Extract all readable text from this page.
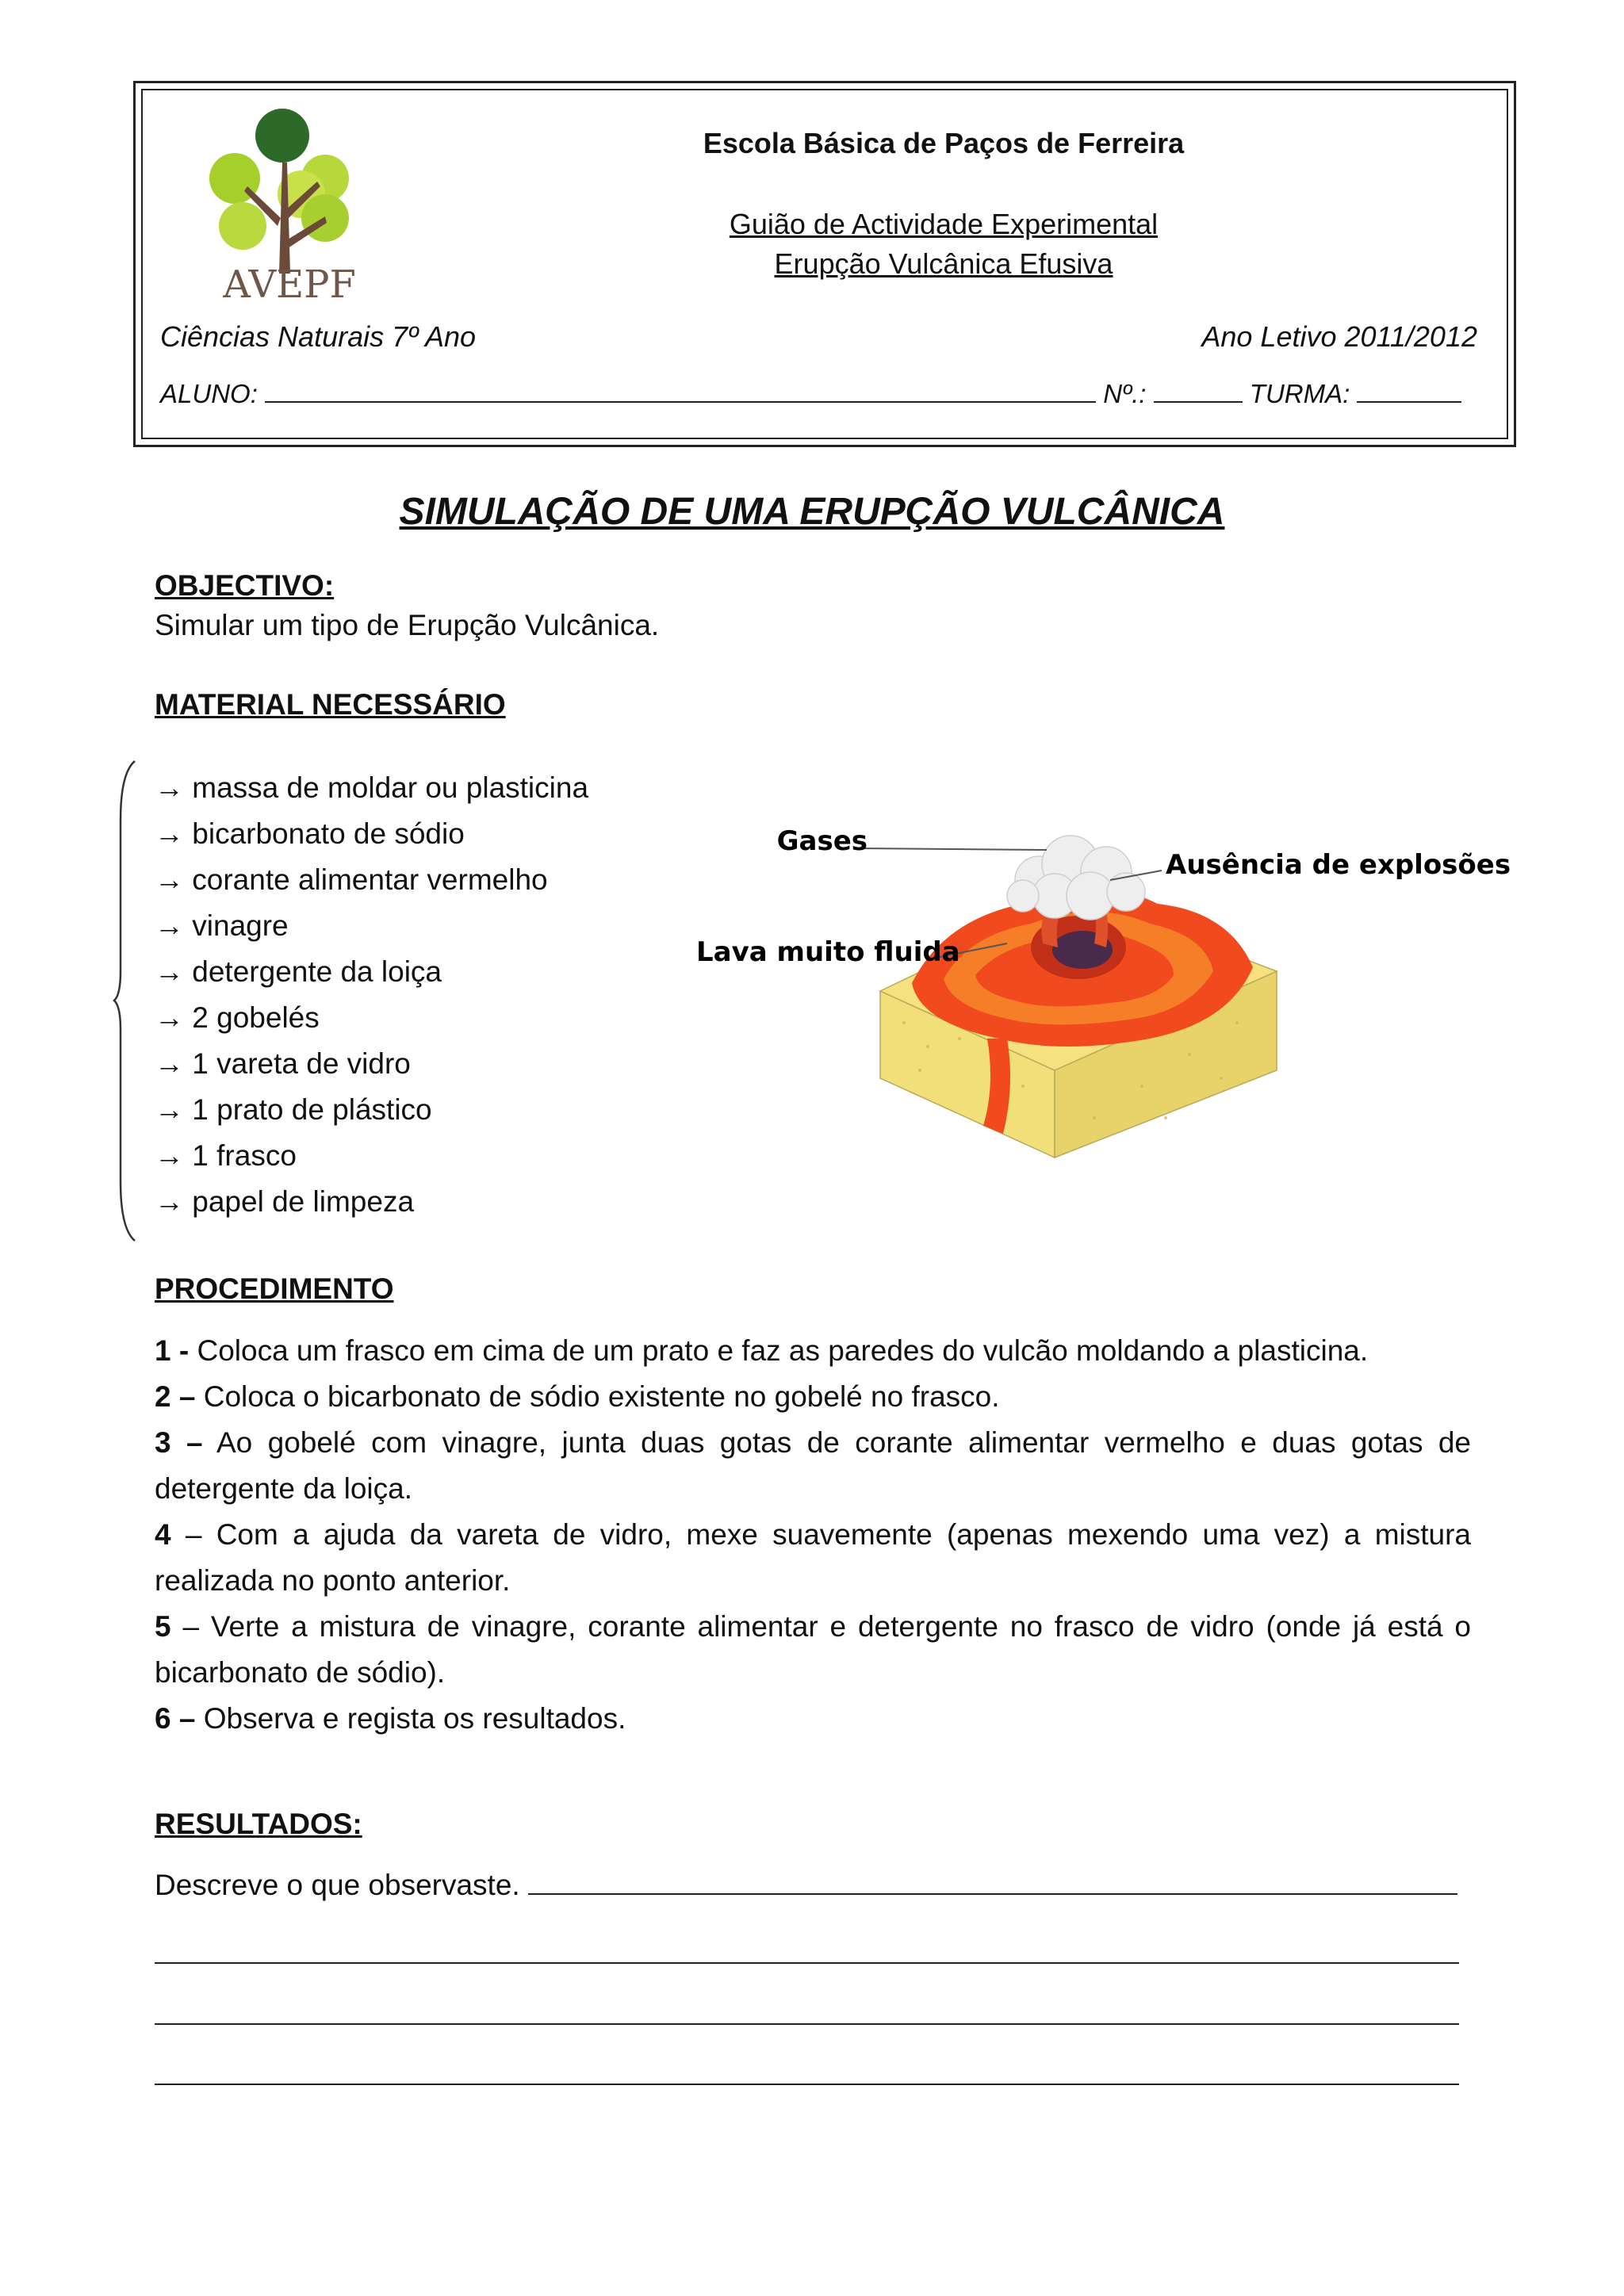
AVEPF
Escola Básica de Paços de Ferreira
Guião de Actividade Experimental
Erupção Vulcânica Efusiva
Ciências Naturais 7º Ano	Ano Letivo 2011/2012
ALUNO:	Nº.:	TURMA:
SIMULAÇÃO DE UMA ERUPÇÃO VULCÂNICA
OBJECTIVO:
Simular um tipo de Erupção Vulcânica.
MATERIAL NECESSÁRIO
→ massa de moldar ou plasticina
→ bicarbonato de sódio
→ corante alimentar vermelho
→ vinagre
→ detergente da loiça
→ 2 gobelés
→ 1 vareta de vidro
→ 1 prato de plástico
→ 1 frasco
→ papel de limpeza
Gases
Ausência de explosões
Lava muito fluida
PROCEDIMENTO

1 - Coloca um frasco em cima de um prato e faz as paredes do vulcão moldando a plasticina.

2 – Coloca o bicarbonato de sódio existente no gobelé no frasco.

3 – Ao gobelé com vinagre, junta duas gotas de corante alimentar vermelho e duas gotas de detergente da loiça.

4 – Com a ajuda da vareta de vidro, mexe suavemente (apenas mexendo uma vez) a mistura realizada no ponto anterior.

5 – Verte a mistura de vinagre, corante alimentar e detergente no frasco de vidro (onde já está o bicarbonato de sódio).

6 – Observa e regista os resultados.

RESULTADOS:
Descreve o que observaste.
